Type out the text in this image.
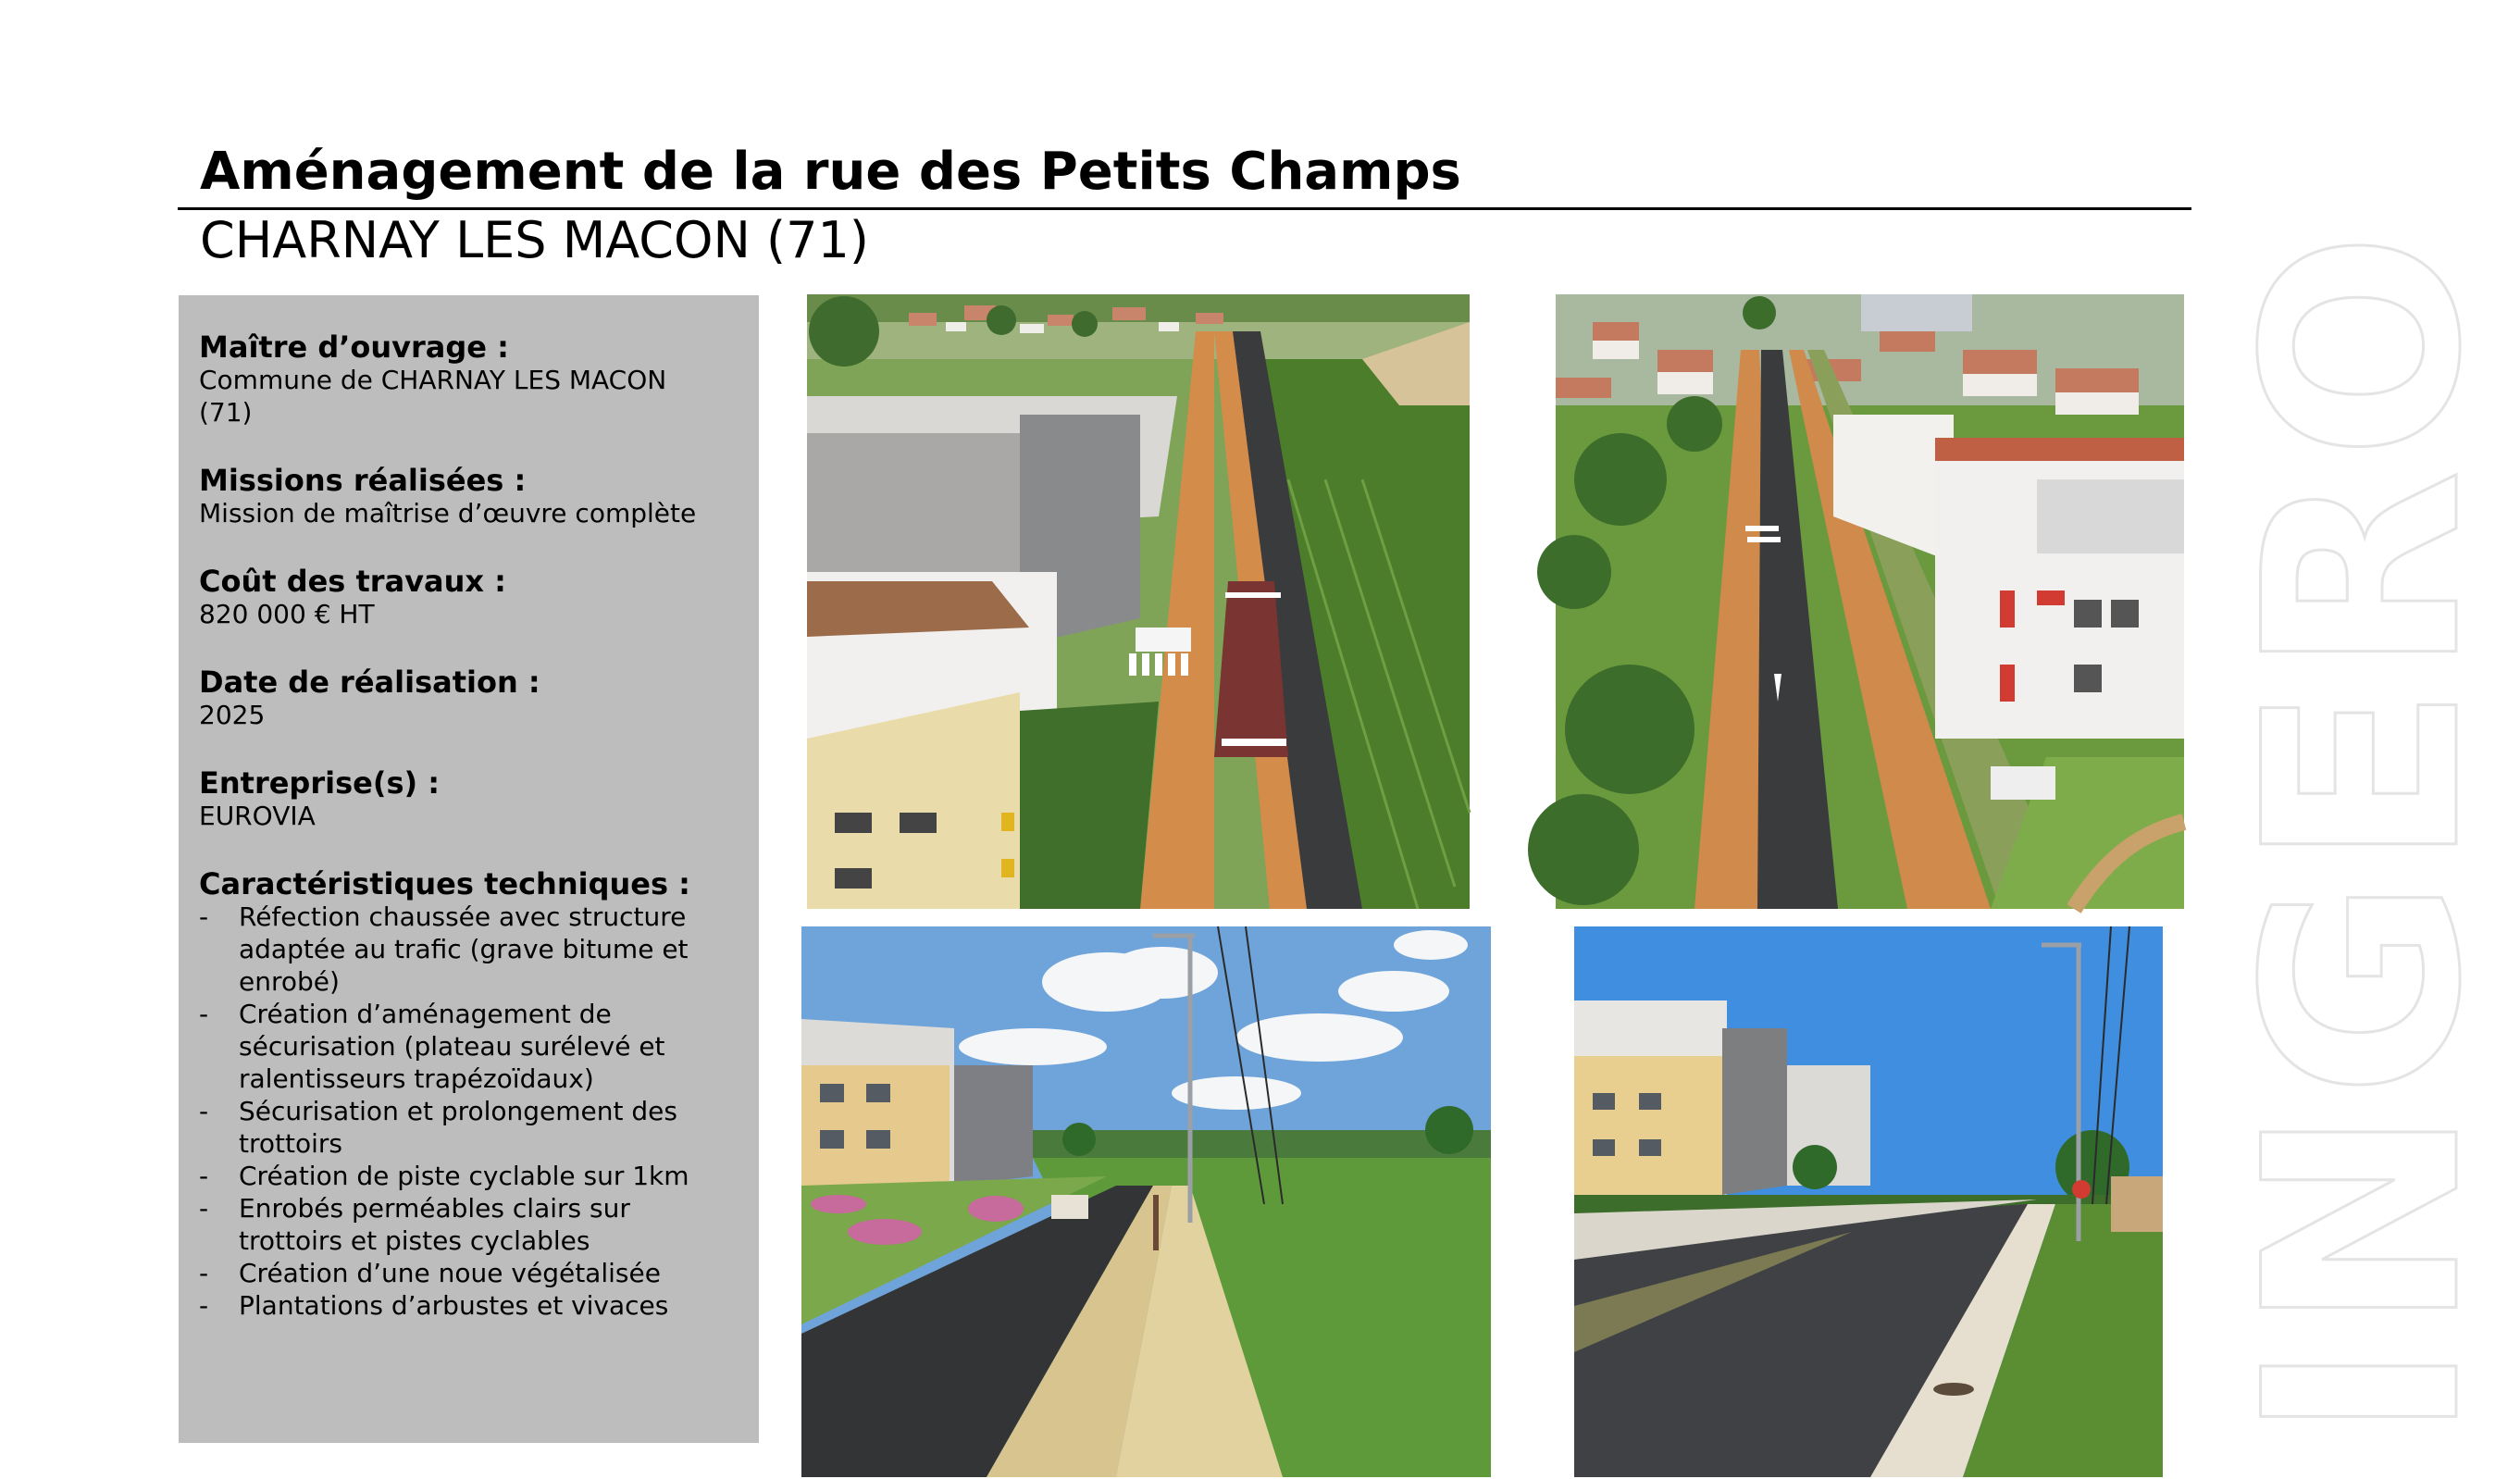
INGERO
Aménagement de la rue des Petits Champs
CHARNAY LES MACON (71)
Maître d’ouvrage :
Commune de CHARNAY LES MACON (71)
Missions réalisées :
Mission de maîtrise d’œuvre complète
Coût des travaux :
820 000 € HT
Date de réalisation :
2025
Entreprise(s) :
EUROVIA
Caractéristiques techniques :
- Réfection chaussée avec structure adaptée au trafic (grave bitume et enrobé)
- Création d’aménagement de sécurisation (plateau surélevé et ralentisseurs trapézoïdaux)
- Sécurisation et prolongement des trottoirs
- Création de piste cyclable sur 1km
- Enrobés perméables clairs sur trottoirs et pistes cyclables
- Création d’une noue végétalisée
- Plantations d’arbustes et vivaces
